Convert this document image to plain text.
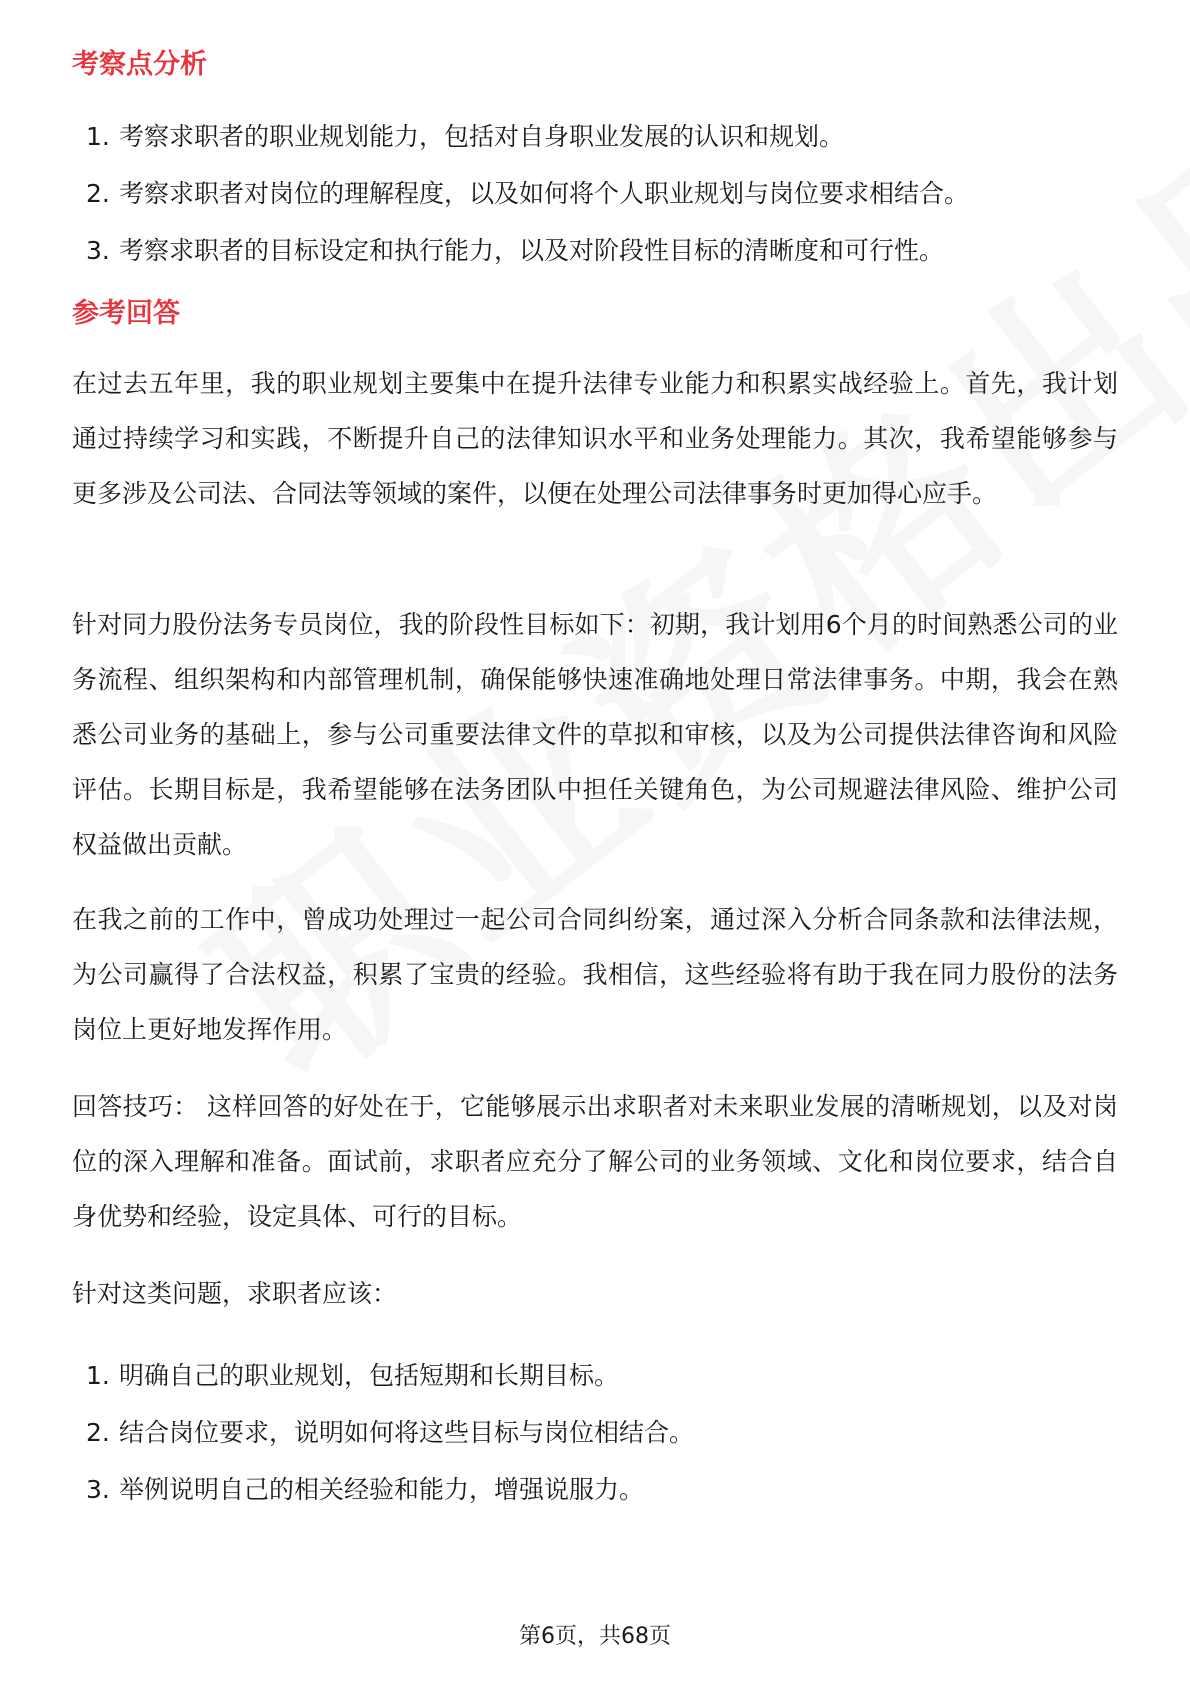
考察点分析
1. 考察求职者的职业规划能力，包括对自身职业发展的认识和规划。
2. 考察求职者对岗位的理解程度，以及如何将个人职业规划与岗位要求相结合。
3. 考察求职者的目标设定和执行能力，以及对阶段性目标的清晰度和可行性。
参考回答

在过去五年里，我的职业规划主要集中在提升法律专业能力和积累实战经验上。首先，我计划通过持续学习和实践，不断提升自己的法律知识水平和业务处理能力。其次，我希望能够参与更多涉及公司法、合同法等领域的案件，以便在处理公司法律事务时更加得心应手。

针对同力股份法务专员岗位，我的阶段性目标如下：初期，我计划用6个月的时间熟悉公司的业务流程、组织架构和内部管理机制，确保能够快速准确地处理日常法律事务。中期，我会在熟悉公司业务的基础上，参与公司重要法律文件的草拟和审核，以及为公司提供法律咨询和风险评估。长期目标是，我希望能够在法务团队中担任关键角色，为公司规避法律风险、维护公司权益做出贡献。

在我之前的工作中，曾成功处理过一起公司合同纠纷案，通过深入分析合同条款和法律法规，为公司赢得了合法权益，积累了宝贵的经验。我相信，这些经验将有助于我在同力股份的法务岗位上更好地发挥作用。

回答技巧： 这样回答的好处在于，它能够展示出求职者对未来职业发展的清晰规划，以及对岗位的深入理解和准备。面试前，求职者应充分了解公司的业务领域、文化和岗位要求，结合自身优势和经验，设定具体、可行的目标。

针对这类问题，求职者应该：

1. 明确自己的职业规划，包括短期和长期目标。
2. 结合岗位要求，说明如何将这些目标与岗位相结合。
3. 举例说明自己的相关经验和能力，增强说服力。
第6页，共68页
